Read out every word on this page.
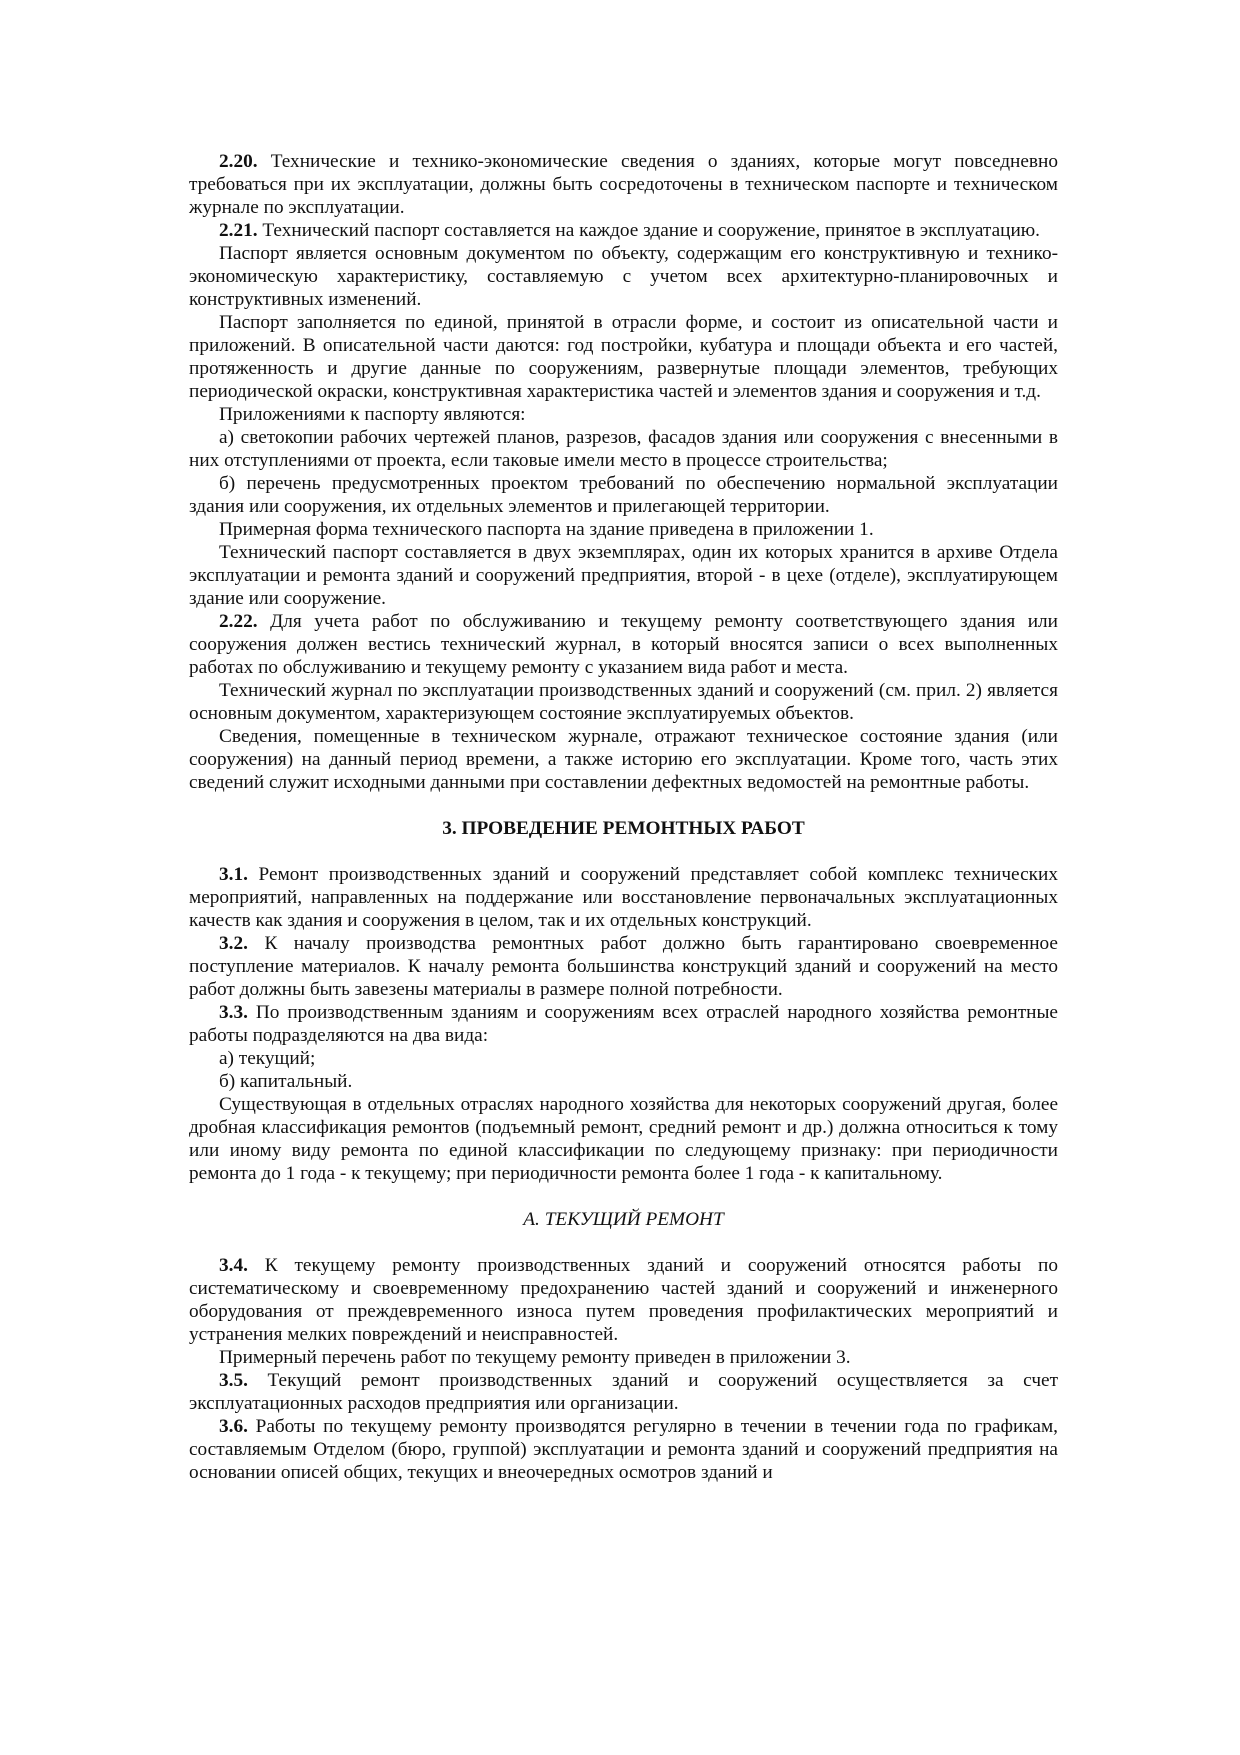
2.20. Технические и технико-экономические сведения о зданиях, которые могут повседневно требоваться при их эксплуатации, должны быть сосредоточены в техническом паспорте и техническом журнале по эксплуатации.

2.21. Технический паспорт составляется на каждое здание и сооружение, принятое в эксплуатацию.

Паспорт является основным документом по объекту, содержащим его конструктивную и технико-экономическую характеристику, составляемую с учетом всех архитектурно-планировочных и конструктивных изменений.

Паспорт заполняется по единой, принятой в отрасли форме, и состоит из описательной части и приложений. В описательной части даются: год постройки, кубатура и площади объекта и его частей, протяженность и другие данные по сооружениям, развернутые площади элементов, требующих периодической окраски, конструктивная характеристика частей и элементов здания и сооружения и т.д.

Приложениями к паспорту являются:

а) светокопии рабочих чертежей планов, разрезов, фасадов здания или сооружения с внесенными в них отступлениями от проекта, если таковые имели место в процессе строительства;

б) перечень предусмотренных проектом требований по обеспечению нормальной эксплуатации здания или сооружения, их отдельных элементов и прилегающей территории.

Примерная форма технического паспорта на здание приведена в приложении 1.

Технический паспорт составляется в двух экземплярах, один их которых хранится в архиве Отдела эксплуатации и ремонта зданий и сооружений предприятия, второй - в цехе (отделе), эксплуатирующем здание или сооружение.

2.22. Для учета работ по обслуживанию и текущему ремонту соответствующего здания или сооружения должен вестись технический журнал, в который вносятся записи о всех выполненных работах по обслуживанию и текущему ремонту с указанием вида работ и места.

Технический журнал по эксплуатации производственных зданий и сооружений (см. прил. 2) является основным документом, характеризующем состояние эксплуатируемых объектов.

Сведения, помещенные в техническом журнале, отражают техническое состояние здания (или сооружения) на данный период времени, а также историю его эксплуатации. Кроме того, часть этих сведений служит исходными данными при составлении дефектных ведомостей на ремонтные работы.

3. ПРОВЕДЕНИЕ РЕМОНТНЫХ РАБОТ

3.1. Ремонт производственных зданий и сооружений представляет собой комплекс технических мероприятий, направленных на поддержание или восстановление первоначальных эксплуатационных качеств как здания и сооружения в целом, так и их отдельных конструкций.

3.2. К началу производства ремонтных работ должно быть гарантировано своевременное поступление материалов. К началу ремонта большинства конструкций зданий и сооружений на место работ должны быть завезены материалы в размере полной потребности.

3.3. По производственным зданиям и сооружениям всех отраслей народного хозяйства ремонтные работы подразделяются на два вида:

а) текущий;

б) капитальный.

Существующая в отдельных отраслях народного хозяйства для некоторых сооружений другая, более дробная классификация ремонтов (подъемный ремонт, средний ремонт и др.) должна относиться к тому или иному виду ремонта по единой классификации по следующему признаку: при периодичности ремонта до 1 года - к текущему; при периодичности ремонта более 1 года - к капитальному.

А. ТЕКУЩИЙ РЕМОНТ

3.4. К текущему ремонту производственных зданий и сооружений относятся работы по систематическому и своевременному предохранению частей зданий и сооружений и инженерного оборудования от преждевременного износа путем проведения профилактических мероприятий и устранения мелких повреждений и неисправностей.

Примерный перечень работ по текущему ремонту приведен в приложении 3.

3.5. Текущий ремонт производственных зданий и сооружений осуществляется за счет эксплуатационных расходов предприятия или организации.

3.6. Работы по текущему ремонту производятся регулярно в течении в течении года по графикам, составляемым Отделом (бюро, группой) эксплуатации и ремонта зданий и сооружений предприятия на основании описей общих, текущих и внеочередных осмотров зданий и
